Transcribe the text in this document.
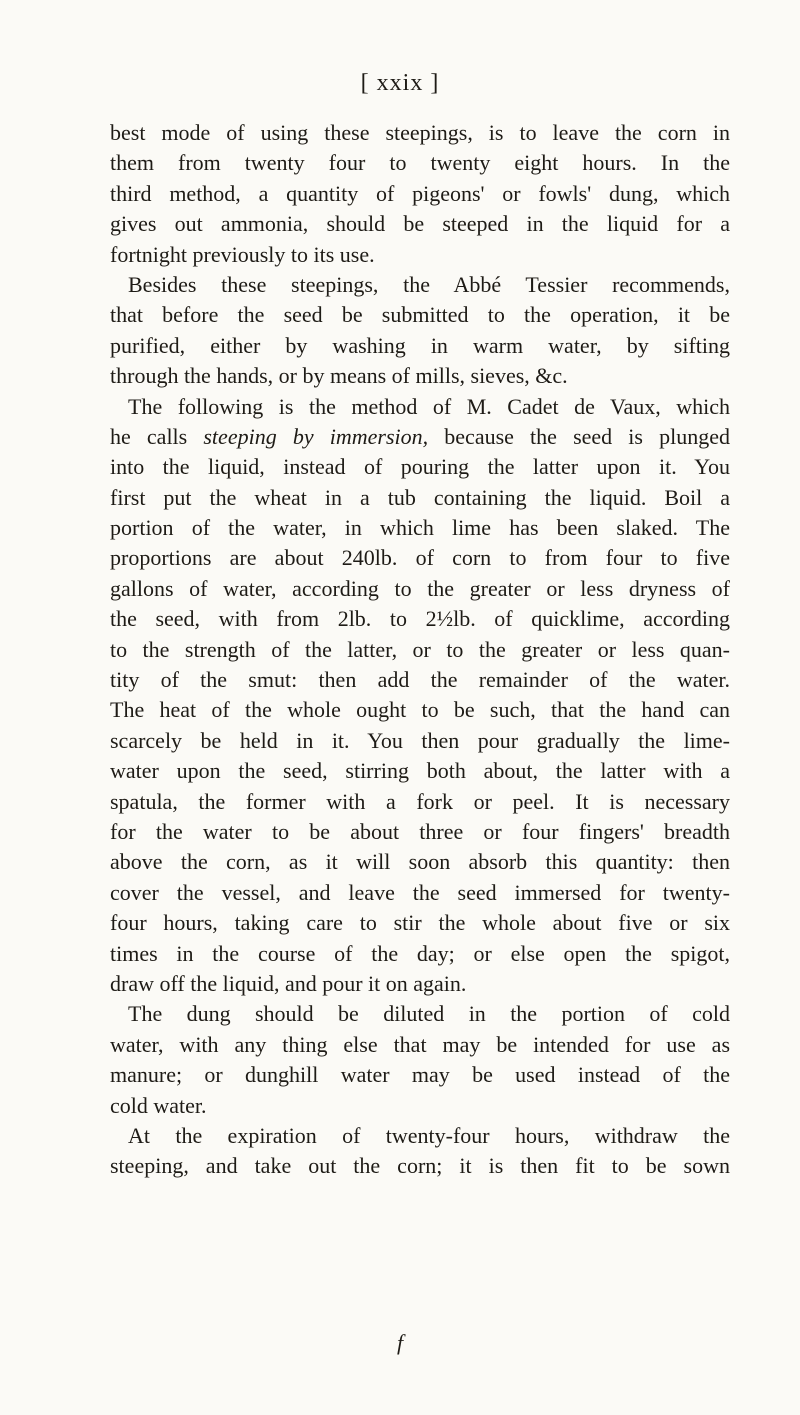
[ xxix ]
best mode of using these steepings, is to leave the corn in
them from twenty four to twenty eight hours. In the
third method, a quantity of pigeons' or fowls' dung, which
gives out ammonia, should be steeped in the liquid for a
fortnight previously to its use.
Besides these steepings, the Abbé Tessier recommends,
that before the seed be submitted to the operation, it be
purified, either by washing in warm water, by sifting
through the hands, or by means of mills, sieves, &c.
The following is the method of M. Cadet de Vaux, which
he calls steeping by immersion, because the seed is plunged
into the liquid, instead of pouring the latter upon it. You
first put the wheat in a tub containing the liquid. Boil a
portion of the water, in which lime has been slaked. The
proportions are about 240lb. of corn to from four to five
gallons of water, according to the greater or less dryness of
the seed, with from 2lb. to 2½lb. of quicklime, according
to the strength of the latter, or to the greater or less quan-
tity of the smut: then add the remainder of the water.
The heat of the whole ought to be such, that the hand can
scarcely be held in it. You then pour gradually the lime-
water upon the seed, stirring both about, the latter with a
spatula, the former with a fork or peel. It is necessary
for the water to be about three or four fingers' breadth
above the corn, as it will soon absorb this quantity: then
cover the vessel, and leave the seed immersed for twenty-
four hours, taking care to stir the whole about five or six
times in the course of the day; or else open the spigot,
draw off the liquid, and pour it on again.
The dung should be diluted in the portion of cold
water, with any thing else that may be intended for use as
manure; or dunghill water may be used instead of the
cold water.
At the expiration of twenty-four hours, withdraw the
steeping, and take out the corn; it is then fit to be sown
f
